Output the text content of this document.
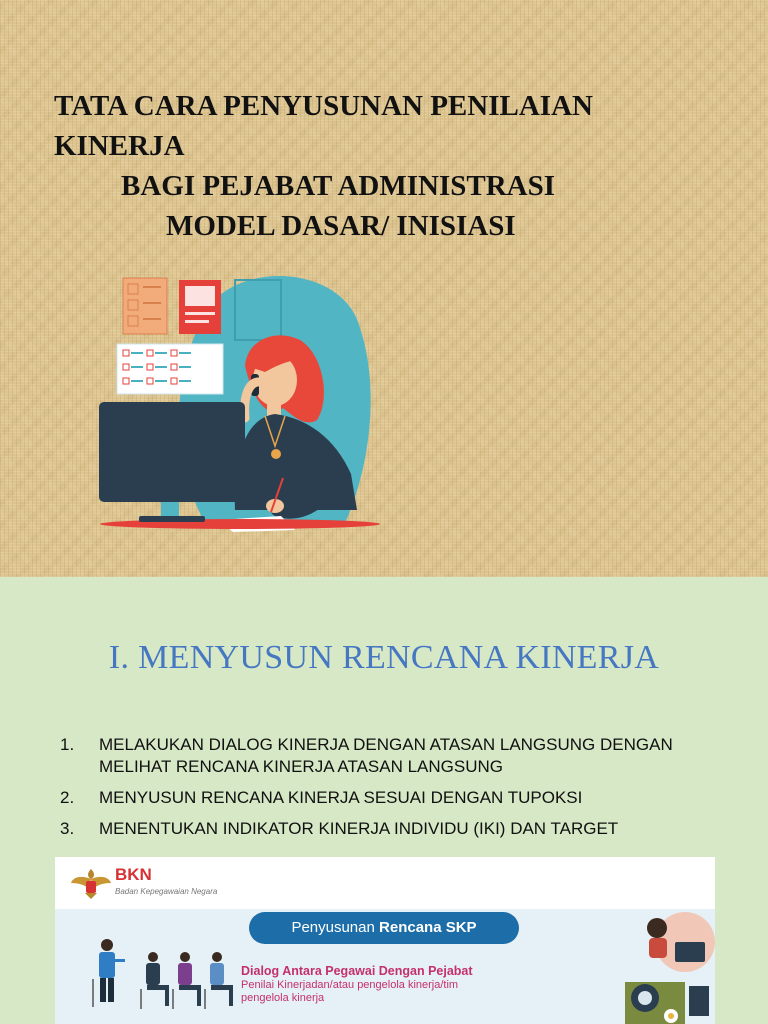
TATA CARA PENYUSUNAN PENILAIAN
KINERJA
BAGI PEJABAT ADMINISTRASI
MODEL DASAR/ INISIASI
I. MENYUSUN RENCANA KINERJA
1. MELAKUKAN DIALOG KINERJA DENGAN ATASAN LANGSUNG DENGAN
MELIHAT RENCANA KINERJA ATASAN LANGSUNG
2. MENYUSUN RENCANA KINERJA SESUAI DENGAN TUPOKSI
3. MENENTUKAN INDIKATOR KINERJA INDIVIDU (IKI) DAN TARGET
BKN
Badan Kepegawaian Negara
Penyusunan Rencana SKP
Dialog Antara Pegawai Dengan Pejabat
Penilai Kinerjadan/atau pengelola kinerja/tim
pengelola kinerja
